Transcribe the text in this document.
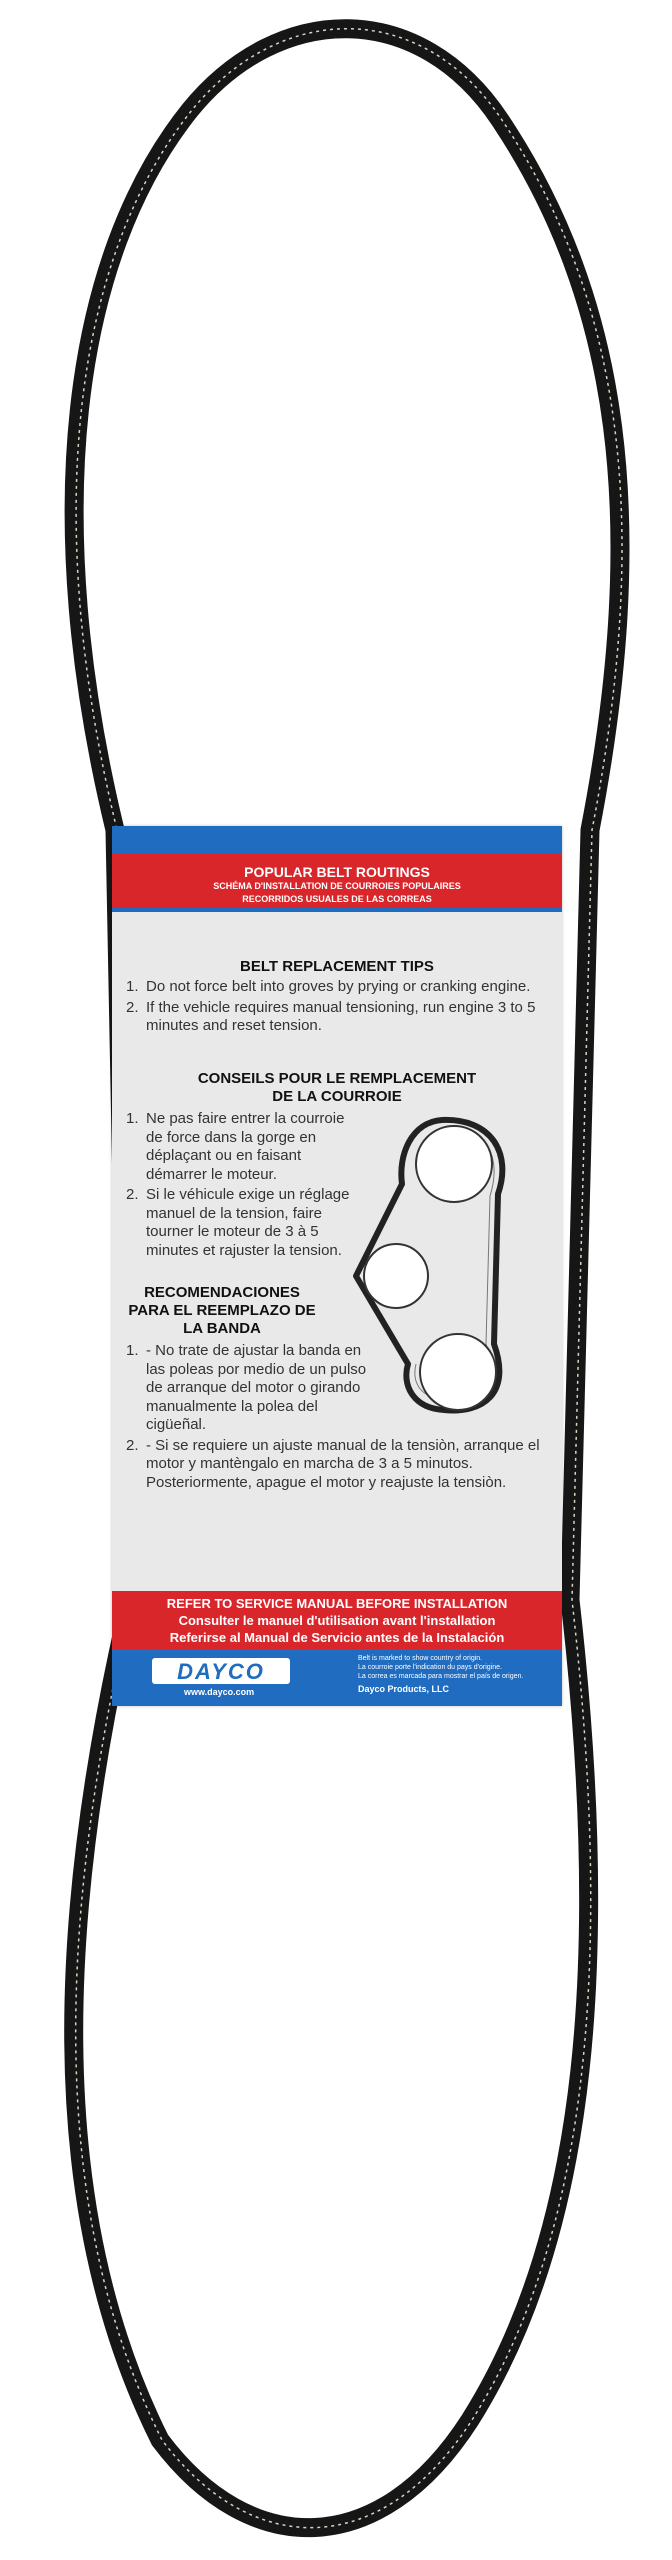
POPULAR BELT ROUTINGS
SCHÉMA D'INSTALLATION DE COURROIES POPULAIRES
RECORRIDOS USUALES DE LAS CORREAS
BELT REPLACEMENT TIPS
1. Do not force belt into groves by prying or cranking engine.
2. If the vehicle requires manual tensioning, run engine 3 to 5 minutes and reset tension.
CONSEILS POUR LE REMPLACEMENT
DE LA COURROIE
1. Ne pas faire entrer la courroie de force dans la gorge en déplaçant ou en faisant démarrer le moteur.
2. Si le véhicule exige un réglage manuel de la tension, faire tourner le moteur de 3 à 5 minutes et rajuster la tension.
RECOMENDACIONES
PARA EL REEMPLAZO DE
LA BANDA
1. - No trate de ajustar la banda en las poleas por medio de un pulso de arranque del motor o girando manualmente la polea del cigüeñal.
2. - Si se requiere un ajuste manual de la tensiòn, arranque el motor y mantèngalo en marcha de 3 a 5 minutos. Posteriormente, apague el motor y reajuste la tensiòn.
REFER TO SERVICE MANUAL BEFORE INSTALLATION
Consulter le manuel d'utilisation avant l'installation
Referirse al Manual de Servicio antes de la Instalación
DAYCO
www.dayco.com
Belt is marked to show country of origin.
La courroie porte l'indication du pays d'origine.
La correa es marcada para mostrar el país de origen.
Dayco Products, LLC
